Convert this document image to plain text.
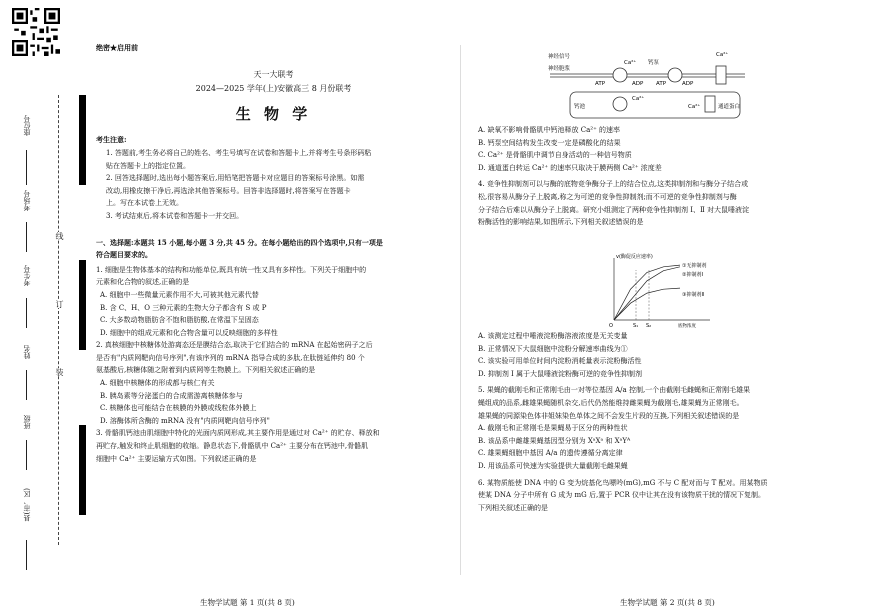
座位号
考场号
考生号
姓名
班级
县(市、区)
线
订
装

绝密★启用前

天一大联考

2024—2025 学年(上)安徽高三 8 月份联考

生 物 学

考生注意:

1. 答题前,考生务必将自己的姓名、考生号填写在试卷和答题卡上,并将考生号条形码粘

贴在答题卡上的指定位置。

2. 回答选择题时,选出每小题答案后,用铅笔把答题卡对应题目的答案标号涂黑。如需

改动,用橡皮擦干净后,再选涂其他答案标号。回答非选择题时,将答案写在答题卡

上。写在本试卷上无效。

3. 考试结束后,将本试卷和答题卡一并交回。

一、选择题:本题共 15 小题,每小题 3 分,共 45 分。在每小题给出的四个选项中,只有一项是

符合题目要求的。

1. 细胞是生物体基本的结构和功能单位,既具有统一性又具有多样性。下列关于细胞中的

元素和化合物的叙述,正确的是

A. 细胞中一些微量元素作用不大,可被其他元素代替

B. 含 C、H、O 三种元素的生物大分子都含有 S 或 P

C. 大多数动物脂肪含不饱和脂肪酸,在常温下呈固态

D. 细胞中的组成元素和化合物含量可以反映细胞的多样性

2. 真核细胞中核糖体处游离态还是膜结合态,取决于它们结合的 mRNA 在起始密码子之后

是否有"内质网靶向信号序列",有该序列的 mRNA 指导合成的多肽,在肽链延伸约 80 个

氨基酸后,核糖体随之附着到内质网等生物膜上。下列相关叙述正确的是

A. 细胞中核糖体的形成都与核仁有关

B. 胰岛素等分泌蛋白的合成需游离核糖体参与

C. 核糖体也可能结合在核膜的外膜或线粒体外膜上

D. 溶酶体所含酶的 mRNA 没有"内质网靶向信号序列"

3. 骨骼肌钙池由肌细胞中特化的光面内质网形成,其主要作用是通过对 Ca²⁺ 的贮存、释放和

再贮存,触发和终止肌细胞的收缩。静息状态下,骨骼肌中 Ca²⁺ 主要分布在钙池中,骨骼肌

细胞中 Ca²⁺ 主要运输方式如图。下列叙述正确的是

生物学试题 第 1 页(共 8 页)

神经信号
神经胞浆
ATP
Ca²⁺
ADP
钙泵
钙池
Ca²⁺
ATP	ADP
Ca²⁺
Ca²⁺	通道蛋白

A. 缺氧不影响骨骼肌中钙池释放 Ca²⁺ 的速率

B. 钙泵空间结构发生改变一定是磷酸化的结果

C. Ca²⁺ 是骨骼肌中调节自身活动的一种信号物质

D. 通道蛋白转运 Ca²⁺ 的速率只取决于膜两侧 Ca²⁺ 浓度差

4. 竞争性抑制剂可以与酶的底物竞争酶分子上的结合位点,这类抑制剂和与酶分子结合或

松,很容易从酶分子上脱离,称之为可逆的竞争性抑制剂;而不可逆的竞争性抑制剂与酶

分子结合后难以从酶分子上脱离。研究小组测定了两种竞争性抑制剂 Ⅰ、Ⅱ 对大鼠唾液淀

粉酶活性的影响结果,如图所示,下列相关叙述错误的是

v(酶促反应速率)
底物浓度
O	S₁ S₂
①无抑制剂
②抑制剂Ⅰ
③抑制剂Ⅱ

A. 该测定过程中唾液淀粉酶溶液浓度是无关变量

B. 正常情况下大鼠细胞中淀粉分解速率曲线为①

C. 该实验可用单位时间内淀粉消耗量表示淀粉酶活性

D. 抑制剂 Ⅰ 属于大鼠唾液淀粉酶可逆的竞争性抑制剂

5. 果蝇的截刚毛和正常刚毛由一对等位基因 A/a 控制,一个由截刚毛雌蝇和正常刚毛雄果

蝇组成的品系,雌雄果蝇随机杂交,后代仍然能维持雌果蝇为截刚毛,雄果蝇为正常刚毛。

雄果蝇的同源染色体非姐妹染色单体之间不会发生片段的互换,下列相关叙述错误的是

A. 截刚毛和正常刚毛是果蝇易于区分的两种性状

B. 该品系中雌雄果蝇基因型分别为 XᵃXᵃ 和 XᵃYᴬ

C. 雄果蝇细胞中基因 A/a 的遗传遵循分离定律

D. 用该品系可快速为实验提供大量截刚毛雌果蝇

6. 某物质能使 DNA 中的 G 变为烷基化鸟嘌呤(mG),mG 不与 C 配对而与 T 配对。用某物质

使某 DNA 分子中所有 G 成为 mG 后,置于 PCR 仪中让其在没有该物质干扰的情况下复制。

下列相关叙述正确的是

生物学试题 第 2 页(共 8 页)
